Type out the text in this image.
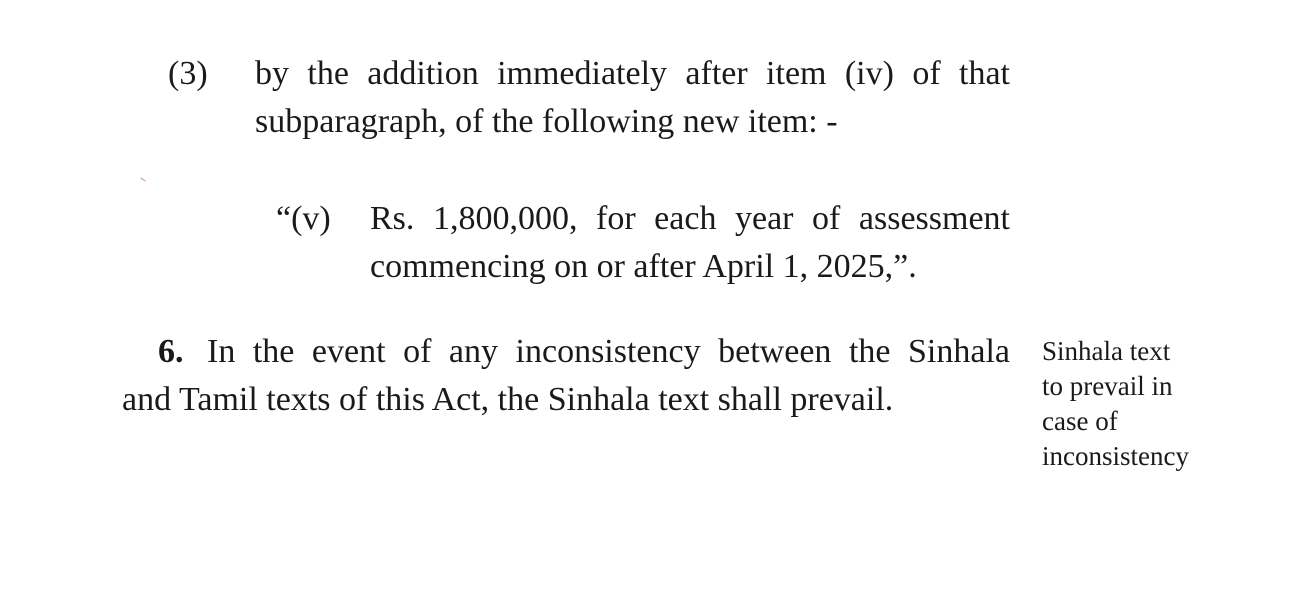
(3) by the addition immediately after item (iv) of that
subparagraph, of the following new item: -
“(v) Rs. 1,800,000, for each year of assessment
commencing on or after April 1, 2025,”.
6. In the event of any inconsistency between the Sinhala
and Tamil texts of this Act, the Sinhala text shall prevail.
Sinhala text
to prevail in
case of
inconsistency
